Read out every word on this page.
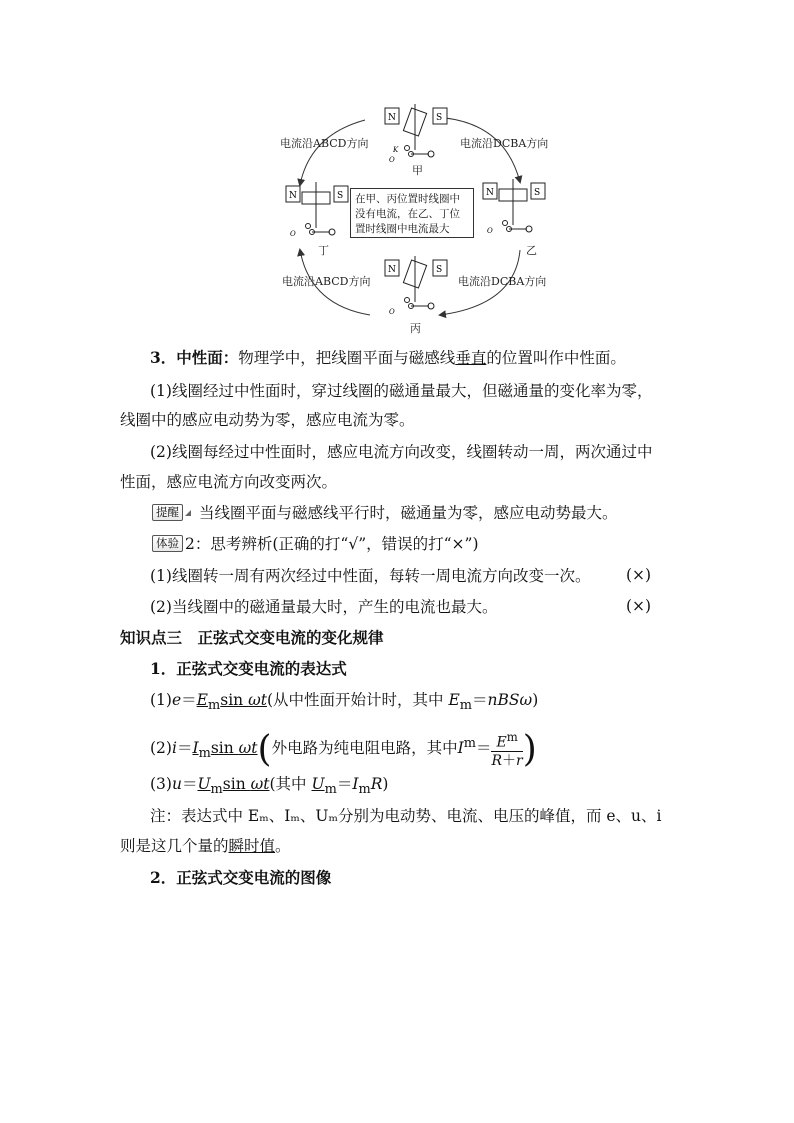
N	S
K
O
N	S
O
N	S
O
N	S
O
甲
乙
丙
丁
电流沿ABCD方向	电流沿DCBA方向
电流沿ABCD方向	电流沿DCBA方向
在甲、丙位置时线圈中没有电流，在乙、丁位置时线圈中电流最大
3．中性面：物理学中，把线圈平面与磁感线垂直的位置叫作中性面。
(1)线圈经过中性面时，穿过线圈的磁通量最大，但磁通量的变化率为零，
线圈中的感应电动势为零，感应电流为零。
(2)线圈每经过中性面时，感应电流方向改变，线圈转动一周，两次通过中
性面，感应电流方向改变两次。
提醒 当线圈平面与磁感线平行时，磁通量为零，感应电动势最大。
体验 2：思考辨析(正确的打“√”，错误的打“×”)
(1)线圈转一周有两次经过中性面，每转一周电流方向改变一次。 (×)
(2)当线圈中的磁通量最大时，产生的电流也最大。	(×)
知识点三　正弦式交变电流的变化规律
1．正弦式交变电流的表达式
$(1)e=E_m\sin$ ωt(从中性面开始计时，其中 $E_m=nBS\omega$)
$(2)i=I_m\sin$ ωt(外电路为纯电阻电路，其中$I^m= \frac{E^m}{R+r}$ )
$(3)u=U_m\sin$ ωt(其中 $U_m=I_mR$)
注：表达式中 Eₘ、Iₘ、Uₘ分别为电动势、电流、电压的峰值，而 e、u、i
则是这几个量的瞬时值。
2．正弦式交变电流的图像
